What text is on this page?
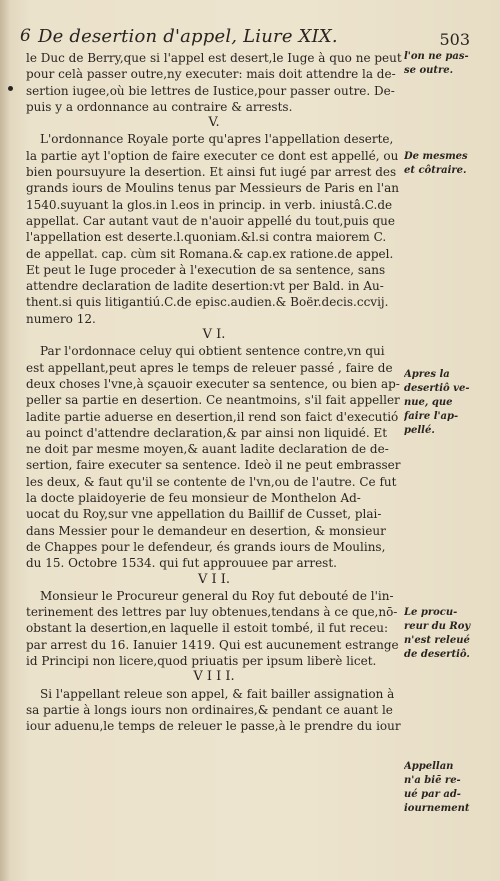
6 De desertion d'appel, Liure XIX.	503
le Duc de Berry,que si l'appel est desert,le Iuge à quo ne peut
pour celà passer outre,ny executer: mais doit attendre la de-
sertion iugee,où bie lettres de Iustice,pour passer outre. De-
puis y a ordonnance au contraire & arrests.
V.
L'ordonnance Royale porte qu'apres l'appellation deserte,
la partie ayt l'option de faire executer ce dont est appellé, ou
bien poursuyure la desertion. Et ainsi fut iugé par arrest des
grands iours de Moulins tenus par Messieurs de Paris en l'an
1540.suyuant la glos.in l.eos in princip. in verb. iniustâ.C.de
appellat. Car autant vaut de n'auoir appellé du tout,puis que
l'appellation est deserte.l.quoniam.&l.si contra maiorem C.
de appellat. cap. cùm sit Romana.& cap.ex ratione.de appel.
Et peut le Iuge proceder à l'execution de sa sentence, sans
attendre declaration de ladite desertion:vt per Bald. in Au-
thent.si quis litigantiú.C.de episc.audien.& Boër.decis.ccvij.
numero 12.
V I.
Par l'ordonnace celuy qui obtient sentence contre,vn qui
est appellant,peut apres le temps de releuer passé , faire de
deux choses l'vne,à sçauoir executer sa sentence, ou bien ap-
peller sa partie en desertion. Ce neantmoins, s'il fait appeller
ladite partie aduerse en desertion,il rend son faict d'executió
au poinct d'attendre declaration,& par ainsi non liquidé. Et
ne doit par mesme moyen,& auant ladite declaration de de-
sertion, faire executer sa sentence. Ideò il ne peut embrasser
les deux, & faut qu'il se contente de l'vn,ou de l'autre. Ce fut
la docte plaidoyerie de feu monsieur de Monthelon Ad-
uocat du Roy,sur vne appellation du Baillif de Cusset, plai-
dans Messier pour le demandeur en desertion, & monsieur
de Chappes pour le defendeur, és grands iours de Moulins,
du 15. Octobre 1534. qui fut approuuee par arrest.
V I I.
Monsieur le Procureur general du Roy fut debouté de l'in-
terinement des lettres par luy obtenues,tendans à ce que,nō-
obstant la desertion,en laquelle il estoit tombé, il fut receu:
par arrest du 16. Ianuier 1419. Qui est aucunement estrange
id Principi non licere,quod priuatis per ipsum liberè licet.
V I I I.
Si l'appellant releue son appel, & fait bailler assignation à
sa partie à longs iours non ordinaires,& pendant ce auant le
iour aduenu,le temps de releuer le passe,à le prendre du iour
l'on ne pas-
se outre.
De mesmes
et côtraire.
Apres la
desertiô ve-
nue, que
faire l'ap-
pellé.
Le procu-
reur du Roy
n'est releué
de desertiô.
Appellan
n'a biē re-
ué par ad-
iournement
